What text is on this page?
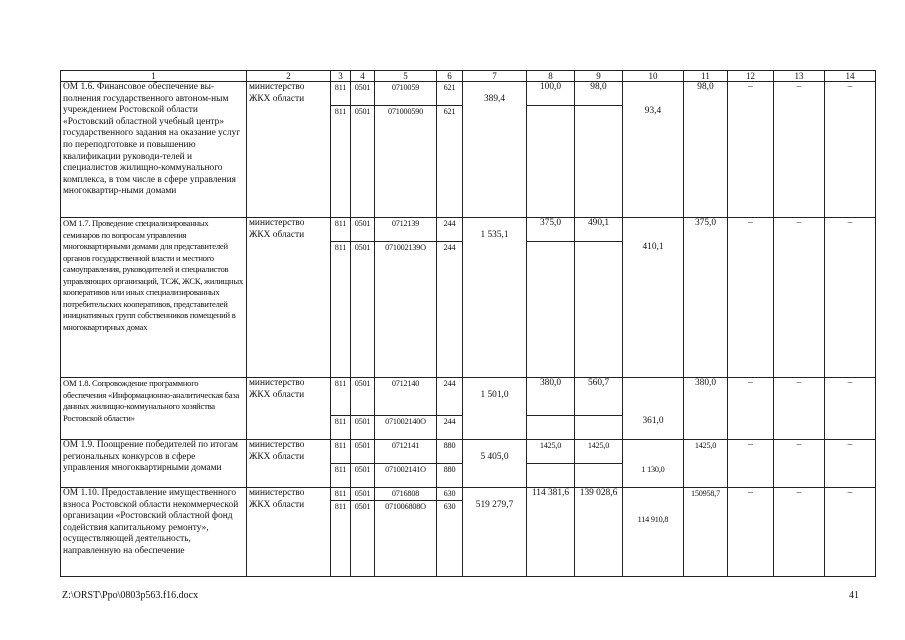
1	2	3	4	5	6	7	8	9	10	11	12	13	14
ОМ 1.6. Финансовое обеспечение вы-полнения государственного автоном-ным учреждением Ростовской области «Ростовский областной учебный центр» государственного задания на оказание услуг по переподготовке и повышению квалификации руководи-телей и специалистов жилищно-коммунального комплекса, в том числе в сфере управления многоквартир-ными домами	министерство ЖКХ области	811	0501	0710059	621	389,4	100,0	98,0	93,4	98,0	–	–	–
		811	0501	071000590	621								

ОМ 1.7. Проведение специализированных семинаров по вопросам управления многоквартирными домами для представителей органов государственной власти и местного самоуправления, руководителей и специалистов управляющих организаций, ТСЖ, ЖСК, жилищных кооперативов или иных специализированных потребительских кооперативов, представителей инициативных групп собственников помещений в многоквартирных домах	министерство ЖКХ области	811	0501	0712139	244	1 535,1	375,0	490,1	410,1	375,0	–	–	–
		811	0501	071002139О	244								

ОМ 1.8. Сопровождение программного обеспечения «Информационно-аналитическая база данных жилищно-коммунального хозяйства Ростовской области»	министерство ЖКХ области	811	0501	0712140	244	1 501,0	380,0	560,7	361,0	380,0	–	–	–
		811	0501	071002140О	244								
ОМ 1.9. Поощрение победителей по итогам региональных конкурсов в сфере управления многоквартирными домами	министерство ЖКХ области	811	0501	0712141	880	5 405,0	1425,0	1425,0	1 130,0	1425,0	–	–	–
		811	0501	071002141О	880								
ОМ 1.10. Предоставление имущественного взноса Ростовской области некоммерческой организации «Ростовский областной фонд содействия капитальному ремонту», осуществляющей деятельность, направленную на обеспечение	министерство ЖКХ области	811	0501	0716808	630	519 279,7	114 381,6	139 028,6	114 910,8	150958,7	–	–	–
		811	0501	071006808О	630								
Z:\ORST\Ppo\0803p563.f16.docx	41
